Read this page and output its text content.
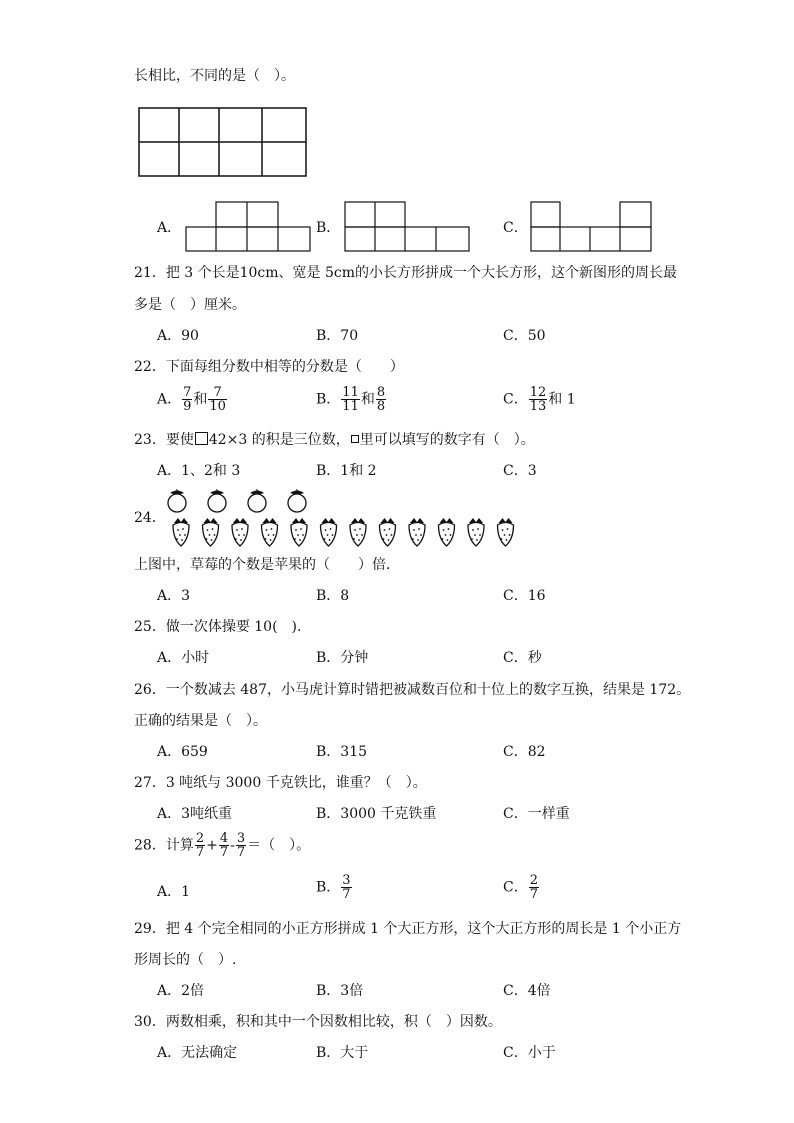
长相比，不同的是（　）。
A．	B．	C．
21．把 3 个长是10cm、宽是 5cm的小长方形拼成一个大长方形，这个新图形的周长最
多是（　）厘米。
A．90	B．70	C．50
22．下面每组分数中相等的分数是（　　）
A． $\frac{7}{9}$ 和 $\frac{7}{10}$	B． $\frac{11}{11}$ 和 $\frac{8}{8}$	C． $\frac{12}{13}$ 和 1
23．要使 42×3 的积是三位数， 里可以填写的数字有（　）。
A．1、2和 3	B．1和 2	C．3
24．
上图中，草莓的个数是苹果的（　　）倍．
A．3	B．8	C．16
25．做一次体操要 10(　).
A．小时	B．分钟	C．秒
26．一个数减去 487，小马虎计算时错把被减数百位和十位上的数字互换，结果是 172。
正确的结果是（　）。
A．659	B．315	C．82
27．3 吨纸与 3000 千克铁比，谁重？（　）。
A．3吨纸重	B．3000 千克铁重	C．一样重
28．计算 $\frac{2}{7} + \frac{4}{7} - \frac{3}{7}$ ＝（　）。
A．1	B． $\frac{3}{7}$	C． $\frac{2}{7}$
29．把 4 个完全相同的小正方形拼成 1 个大正方形，这个大正方形的周长是 1 个小正方
形周长的（　）.
A．2倍	B．3倍	C．4倍
30．两数相乘，积和其中一个因数相比较，积（　）因数。
A．无法确定	B．大于	C．小于
